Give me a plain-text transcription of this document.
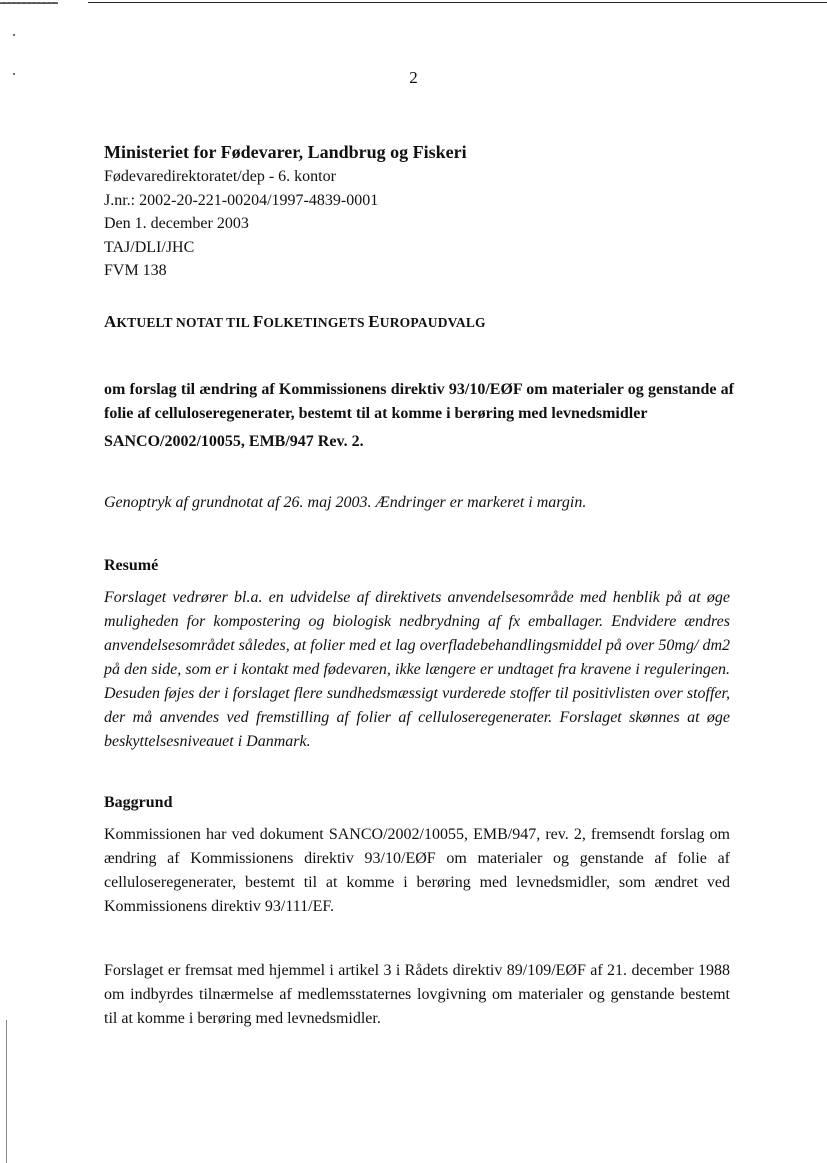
2
Ministeriet for Fødevarer, Landbrug og Fiskeri
Fødevaredirektoratet/dep - 6. kontor
J.nr.: 2002-20-221-00204/1997-4839-0001
Den 1. december 2003
TAJ/DLI/JHC
FVM 138
AKTUELT NOTAT TIL FOLKETINGETS EUROPAUDVALG
om forslag til ændring af Kommissionens direktiv 93/10/EØF om materialer og genstande af folie af celluloseregenerater, bestemt til at komme i berøring med levnedsmidler
SANCO/2002/10055, EMB/947 Rev. 2.
Genoptryk af grundnotat af 26. maj 2003. Ændringer er markeret i margin.
Resumé
Forslaget vedrører bl.a. en udvidelse af direktivets anvendelsesområde med henblik på at øge muligheden for kompostering og biologisk nedbrydning af fx emballager. Endvidere ændres anvendelsesområdet således, at folier med et lag overfladebehandlingsmiddel på over 50mg/ dm2 på den side, som er i kontakt med fødevaren, ikke længere er undtaget fra kravene i reguleringen. Desuden føjes der i forslaget flere sundhedsmæssigt vurderede stoffer til positivlisten over stoffer, der må anvendes ved fremstilling af folier af celluloseregenerater. Forslaget skønnes at øge beskyttelsesniveauet i Danmark.
Baggrund
Kommissionen har ved dokument SANCO/2002/10055, EMB/947, rev. 2, fremsendt forslag om ændring af Kommissionens direktiv 93/10/EØF om materialer og genstande af folie af celluloseregenerater, bestemt til at komme i berøring med levnedsmidler, som ændret ved Kommissionens direktiv 93/111/EF.
Forslaget er fremsat med hjemmel i artikel 3 i Rådets direktiv 89/109/EØF af 21. december 1988 om indbyrdes tilnærmelse af medlemsstaternes lovgivning om materialer og genstande bestemt til at komme i berøring med levnedsmidler.
